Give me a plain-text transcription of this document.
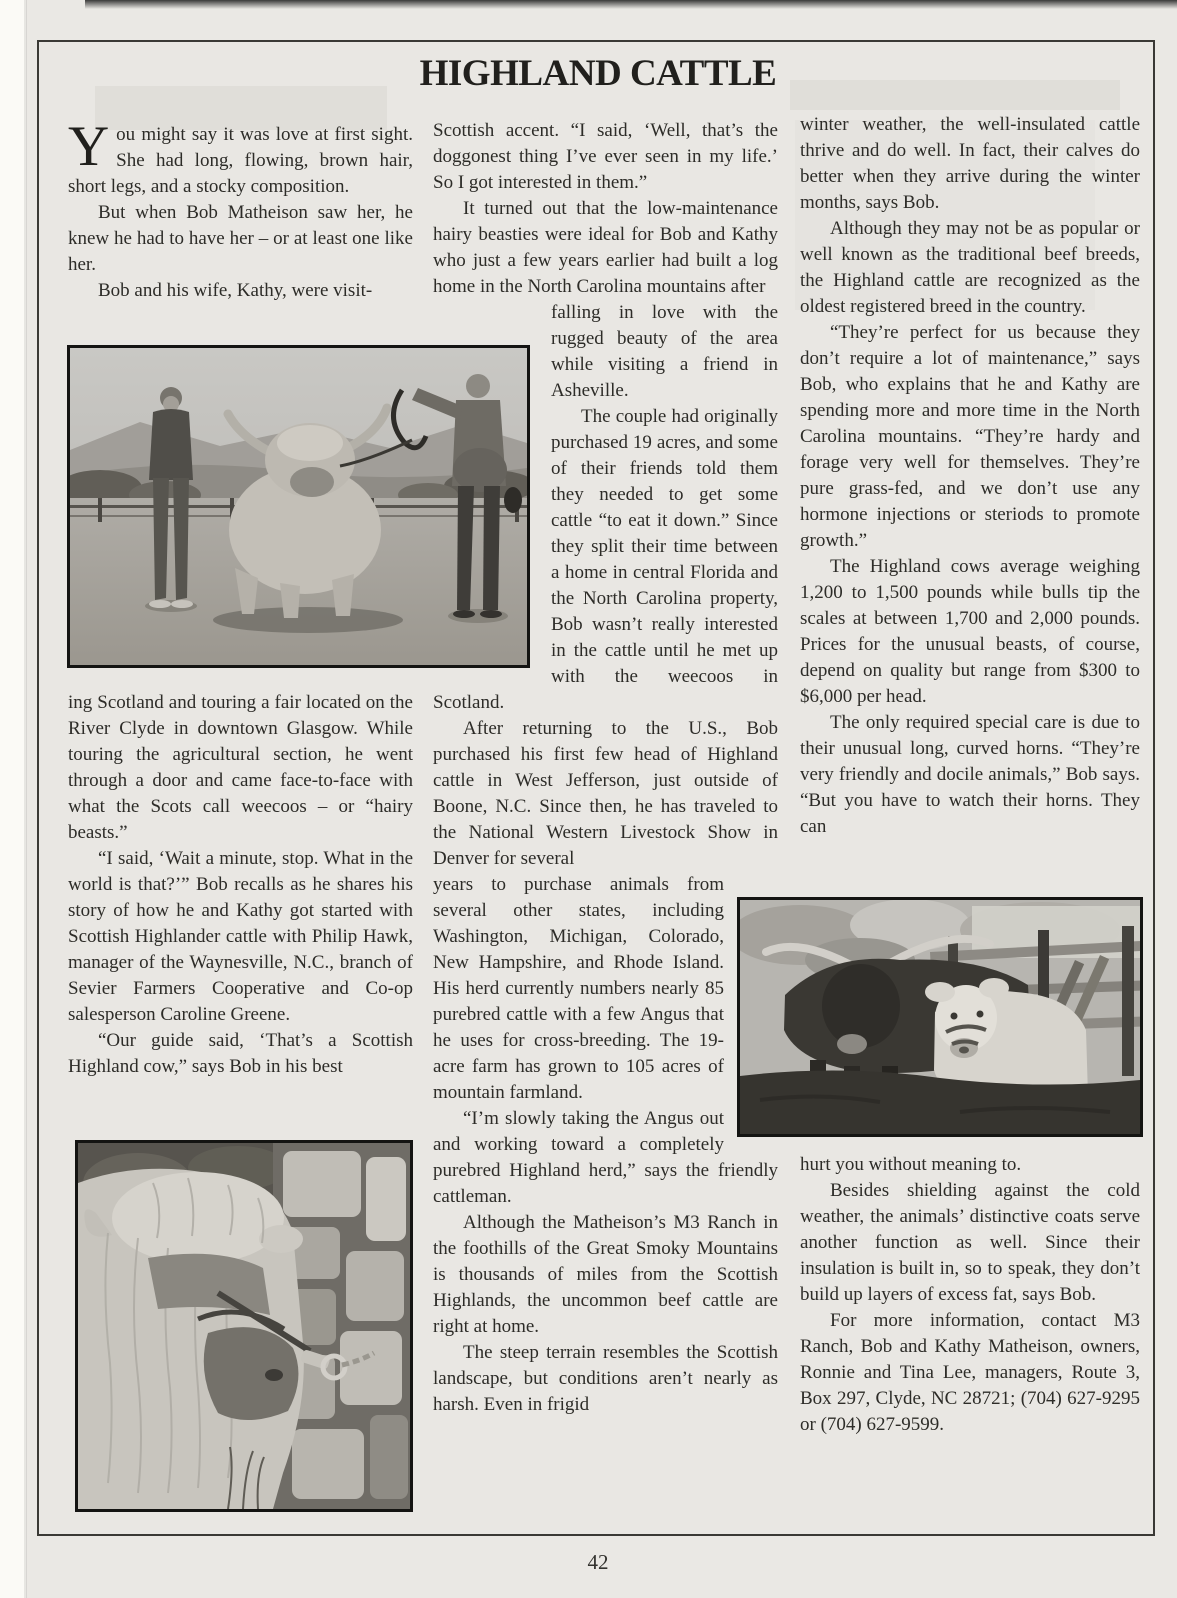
HIGHLAND CATTLE

You might say it was love at first sight. She had long, flowing, brown hair, short legs, and a stocky composition.

But when Bob Matheison saw her, he knew he had to have her – or at least one like her.

Bob and his wife, Kathy, were visit-

ing Scotland and touring a fair located on the River Clyde in downtown Glasgow. While touring the agricultural section, he went through a door and came face-to-face with what the Scots call weecoos – or “hairy beasts.”

“I said, ‘Wait a minute, stop. What in the world is that?’” Bob recalls as he shares his story of how he and Kathy got started with Scottish Highlander cattle with Philip Hawk, manager of the Waynesville, N.C., branch of Sevier Farmers Cooperative and Co-op salesperson Caroline Greene.

“Our guide said, ‘That’s a Scottish Highland cow,” says Bob in his best

Scottish accent. “I said, ‘Well, that’s the doggonest thing I’ve ever seen in my life.’ So I got interested in them.”

It turned out that the low-maintenance hairy beasties were ideal for Bob and Kathy who just a few years earlier had built a log home in the North Carolina mountains after

falling in love with the rugged beauty of the area while visiting a friend in Asheville.

The couple had originally purchased 19 acres, and some of their friends told them they needed to get some cattle “to eat it down.” Since they split their time between a home in central Florida and the North Carolina property, Bob wasn’t really interested in the cattle until he met up with the weecoos in Scotland.

After returning to the U.S., Bob purchased his first few head of Highland cattle in West Jefferson, just outside of Boone, N.C. Since then, he has traveled to the National Western Livestock Show in Denver for several

years to purchase animals from several other states, including Washington, Michigan, Colorado, New Hampshire, and Rhode Island. His herd currently numbers nearly 85 purebred cattle with a few Angus that he uses for cross-breeding. The 19-acre farm has grown to 105 acres of mountain farmland.

“I’m slowly taking the Angus out and working toward a completely purebred Highland herd,” says the friendly cattleman.

Although the Matheison’s M3 Ranch in the foothills of the Great Smoky Mountains is thousands of miles from the Scottish Highlands, the uncommon beef cattle are right at home.

The steep terrain resembles the Scottish landscape, but conditions aren’t nearly as harsh. Even in frigid

winter weather, the well-insulated cattle thrive and do well. In fact, their calves do better when they arrive during the winter months, says Bob.

Although they may not be as popular or well known as the traditional beef breeds, the Highland cattle are recognized as the oldest registered breed in the country.

“They’re perfect for us because they don’t require a lot of maintenance,” says Bob, who explains that he and Kathy are spending more and more time in the North Carolina mountains. “They’re hardy and forage very well for themselves. They’re pure grass-fed, and we don’t use any hormone injections or steriods to promote growth.”

The Highland cows average weighing 1,200 to 1,500 pounds while bulls tip the scales at between 1,700 and 2,000 pounds. Prices for the unusual beasts, of course, depend on quality but range from $300 to $6,000 per head.

The only required special care is due to their unusual long, curved horns. “They’re very friendly and docile animals,” Bob says. “But you have to watch their horns. They can

hurt you without meaning to.

Besides shielding against the cold weather, the animals’ distinctive coats serve another function as well. Since their insulation is built in, so to speak, they don’t build up layers of excess fat, says Bob.

For more information, contact M3 Ranch, Bob and Kathy Matheison, owners, Ronnie and Tina Lee, managers, Route 3, Box 297, Clyde, NC 28721; (704) 627-9295 or (704) 627-9599.

42
